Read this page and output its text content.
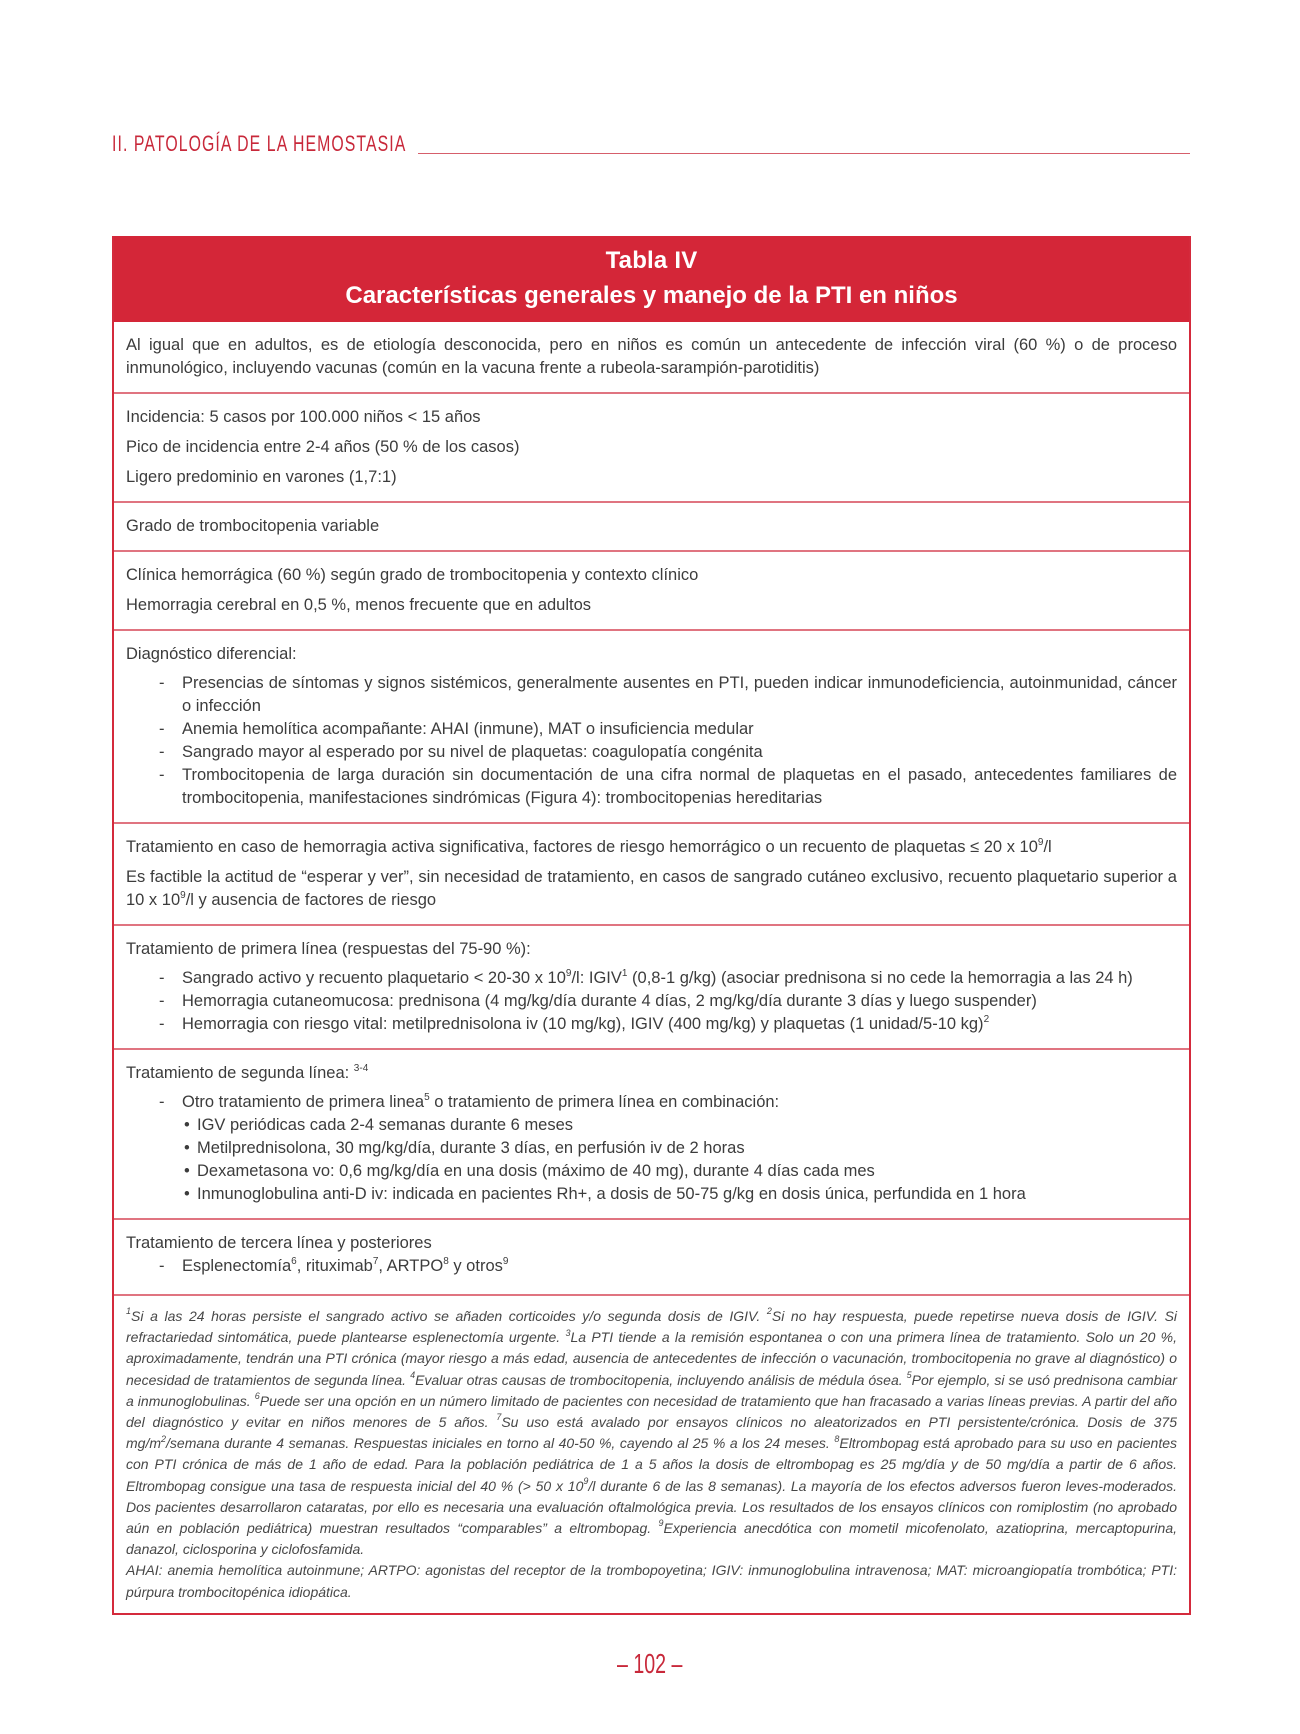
II. PATOLOGÍA DE LA HEMOSTASIA
Tabla IV
Características generales y manejo de la PTI en niños

Al igual que en adultos, es de etiología desconocida, pero en niños es común un antecedente de infección viral (60 %) o de proceso inmunológico, incluyendo vacunas (común en la vacuna frente a rubeola-sarampión-parotiditis)

Incidencia: 5 casos por 100.000 niños < 15 años

Pico de incidencia entre 2-4 años (50 % de los casos)

Ligero predominio en varones (1,7:1)

Grado de trombocitopenia variable

Clínica hemorrágica (60 %) según grado de trombocitopenia y contexto clínico

Hemorragia cerebral en 0,5 %, menos frecuente que en adultos

Diagnóstico diferencial:

- Presencias de síntomas y signos sistémicos, generalmente ausentes en PTI, pueden indicar inmunodeficiencia, autoinmunidad, cáncer o infección
- Anemia hemolítica acompañante: AHAI (inmune), MAT o insuficiencia medular
- Sangrado mayor al esperado por su nivel de plaquetas: coagulopatía congénita
- Trombocitopenia de larga duración sin documentación de una cifra normal de plaquetas en el pasado, antecedentes familiares de trombocitopenia, manifestaciones sindrómicas (Figura 4): trombocitopenias hereditarias

Tratamiento en caso de hemorragia activa significativa, factores de riesgo hemorrágico o un recuento de plaquetas ≤ 20 x $10^9/l$

Es factible la actitud de “esperar y ver”, sin necesidad de tratamiento, en casos de sangrado cutáneo exclusivo, recuento plaquetario superior a 10 x $10^9/l$ y ausencia de factores de riesgo

Tratamiento de primera línea (respuestas del 75-90 %):

- Sangrado activo y recuento plaquetario < 20-30 x $10^9/l$: IGIV$^1$ (0,8-1 g/kg) (asociar prednisona si no cede la hemorragia a las 24 h)
- Hemorragia cutaneomucosa: prednisona (4 mg/kg/día durante 4 días, 2 mg/kg/día durante 3 días y luego suspender)
- Hemorragia con riesgo vital: metilprednisolona iv (10 mg/kg), IGIV (400 mg/kg) y plaquetas (1 unidad/5-10 kg)$^2$

Tratamiento de segunda línea: $^{3-4}$

- Otro tratamiento de primera linea$^5$ o tratamiento de primera línea en combinación:
• IGV periódicas cada 2-4 semanas durante 6 meses
• Metilprednisolona, 30 mg/kg/día, durante 3 días, en perfusión iv de 2 horas
• Dexametasona vo: 0,6 mg/kg/día en una dosis (máximo de 40 mg), durante 4 días cada mes
• Inmunoglobulina anti-D iv: indicada en pacientes Rh+, a dosis de 50-75 g/kg en dosis única, perfundida en 1 hora

Tratamiento de tercera línea y posteriores

- Esplenectomía$^6$, rituximab$^7$, ARTPO$^8$ y otros$^9$

$^1$Si a las 24 horas persiste el sangrado activo se añaden corticoides y/o segunda dosis de IGIV. $^2$Si no hay respuesta, puede repetirse nueva dosis de IGIV. Si refractariedad sintomática, puede plantearse esplenectomía urgente. $^3$La PTI tiende a la remisión espontanea o con una primera línea de tratamiento. Solo un 20 %, aproximadamente, tendrán una PTI crónica (mayor riesgo a más edad, ausencia de antecedentes de infección o vacunación, trombocitopenia no grave al diagnóstico) o necesidad de tratamientos de segunda línea. $^4$Evaluar otras causas de trombocitopenia, incluyendo análisis de médula ósea. $^5$Por ejemplo, si se usó prednisona cambiar a inmunoglobulinas. $^6$Puede ser una opción en un número limitado de pacientes con necesidad de tratamiento que han fracasado a varias líneas previas. A partir del año del diagnóstico y evitar en niños menores de 5 años. $^7$Su uso está avalado por ensayos clínicos no aleatorizados en PTI persistente/crónica. Dosis de 375 $mg/m^2$/semana durante 4 semanas. Respuestas iniciales en torno al 40-50 %, cayendo al 25 % a los 24 meses. $^8$Eltrombopag está aprobado para su uso en pacientes con PTI crónica de más de 1 año de edad. Para la población pediátrica de 1 a 5 años la dosis de eltrombopag es 25 mg/día y de 50 mg/día a partir de 6 años. Eltrombopag consigue una tasa de respuesta inicial del 40 % (> 50 x $10^9/l$ durante 6 de las 8 semanas). La mayoría de los efectos adversos fueron leves-moderados. Dos pacientes desarrollaron cataratas, por ello es necesaria una evaluación oftalmológica previa. Los resultados de los ensayos clínicos con romiplostim (no aprobado aún en población pediátrica) muestran resultados “comparables” a eltrombopag. $^9$Experiencia anecdótica con mometil micofenolato, azatioprina, mercaptopurina, danazol, ciclosporina y ciclofosfamida.

AHAI: anemia hemolítica autoinmune; ARTPO: agonistas del receptor de la trombopoyetina; IGIV: inmunoglobulina intravenosa; MAT: microangiopatía trombótica; PTI: púrpura trombocitopénica idiopática.

– 102 –
